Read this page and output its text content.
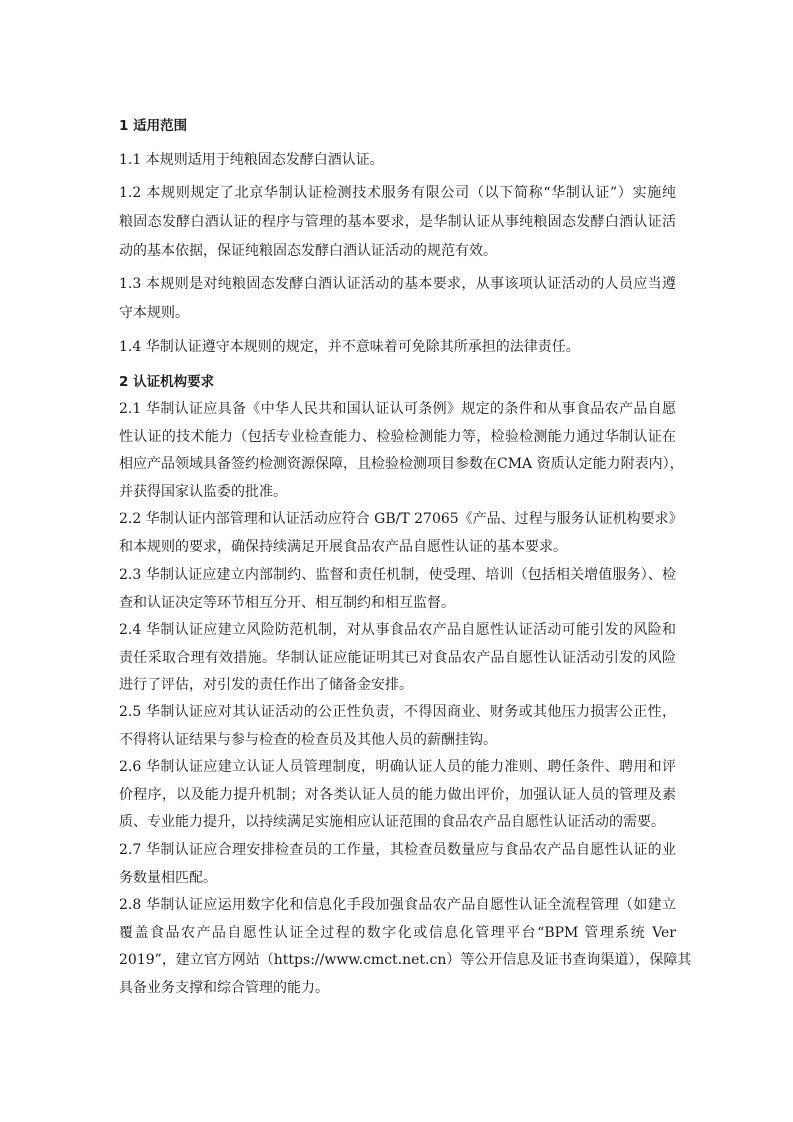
1 适用范围
1.1 本规则适用于纯粮固态发酵白酒认证。
1.2 本规则规定了北京华制认证检测技术服务有限公司（以下简称“华制认证”）实施纯
粮固态发酵白酒认证的程序与管理的基本要求，是华制认证从事纯粮固态发酵白酒认证活
动的基本依据，保证纯粮固态发酵白酒认证活动的规范有效。
1.3 本规则是对纯粮固态发酵白酒认证活动的基本要求，从事该项认证活动的人员应当遵
守本规则。
1.4 华制认证遵守本规则的规定，并不意味着可免除其所承担的法律责任。
2 认证机构要求
2.1 华制认证应具备《中华人民共和国认证认可条例》规定的条件和从事食品农产品自愿
性认证的技术能力（包括专业检查能力、检验检测能力等，检验检测能力通过华制认证在
相应产品领域具备签约检测资源保障，且检验检测项目参数在CMA 资质认定能力附表内），
并获得国家认监委的批准。
2.2 华制认证内部管理和认证活动应符合 GB/T 27065《产品、过程与服务认证机构要求》
和本规则的要求，确保持续满足开展食品农产品自愿性认证的基本要求。
2.3 华制认证应建立内部制约、监督和责任机制，使受理、培训（包括相关增值服务）、检
查和认证决定等环节相互分开、相互制约和相互监督。
2.4 华制认证应建立风险防范机制，对从事食品农产品自愿性认证活动可能引发的风险和
责任采取合理有效措施。华制认证应能证明其已对食品农产品自愿性认证活动引发的风险
进行了评估，对引发的责任作出了储备金安排。
2.5 华制认证应对其认证活动的公正性负责，不得因商业、财务或其他压力损害公正性，
不得将认证结果与参与检查的检查员及其他人员的薪酬挂钩。
2.6 华制认证应建立认证人员管理制度，明确认证人员的能力准则、聘任条件、聘用和评
价程序，以及能力提升机制；对各类认证人员的能力做出评价，加强认证人员的管理及素
质、专业能力提升，以持续满足实施相应认证范围的食品农产品自愿性认证活动的需要。
2.7 华制认证应合理安排检查员的工作量，其检查员数量应与食品农产品自愿性认证的业
务数量相匹配。
2.8 华制认证应运用数字化和信息化手段加强食品农产品自愿性认证全流程管理（如建立
覆盖食品农产品自愿性认证全过程的数字化或信息化管理平台“BPM 管理系统 Ver
2019”，建立官方网站（https://www.cmct.net.cn）等公开信息及证书查询渠道），保障其
具备业务支撑和综合管理的能力。
